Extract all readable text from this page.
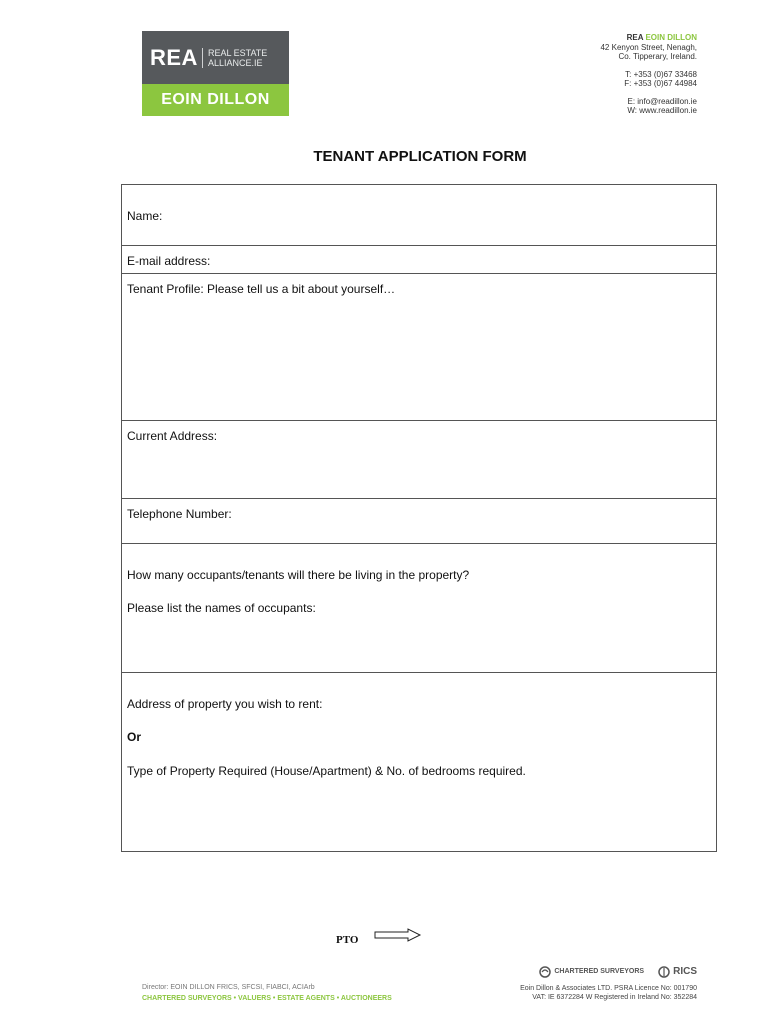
REA REAL ESTATE
ALLIANCE.IE
EOIN DILLON
REA EOIN DILLON
42 Kenyon Street, Nenagh,
Co. Tipperary, Ireland.
T: +353 (0)67 33468
F: +353 (0)67 44984
E: info@readillon.ie
W: www.readillon.ie
TENANT APPLICATION FORM
Name:
E-mail address:
Tenant Profile: Please tell us a bit about yourself…
Current Address:
Telephone Number:
How many occupants/tenants will there be living in the property?
Please list the names of occupants:
Address of property you wish to rent:
Or
Type of Property Required (House/Apartment) & No. of bedrooms required.
PTO
Director: EOIN DILLON FRICS, SFCSI, FIABCI, ACIArb
CHARTERED SURVEYORS • VALUERS • ESTATE AGENTS • AUCTIONEERS
CHARTERED SURVEYORS	RICS
Eoin Dillon & Associates LTD. PSRA Licence No: 001790
VAT: IE 6372284 W Registered in Ireland No: 352284
